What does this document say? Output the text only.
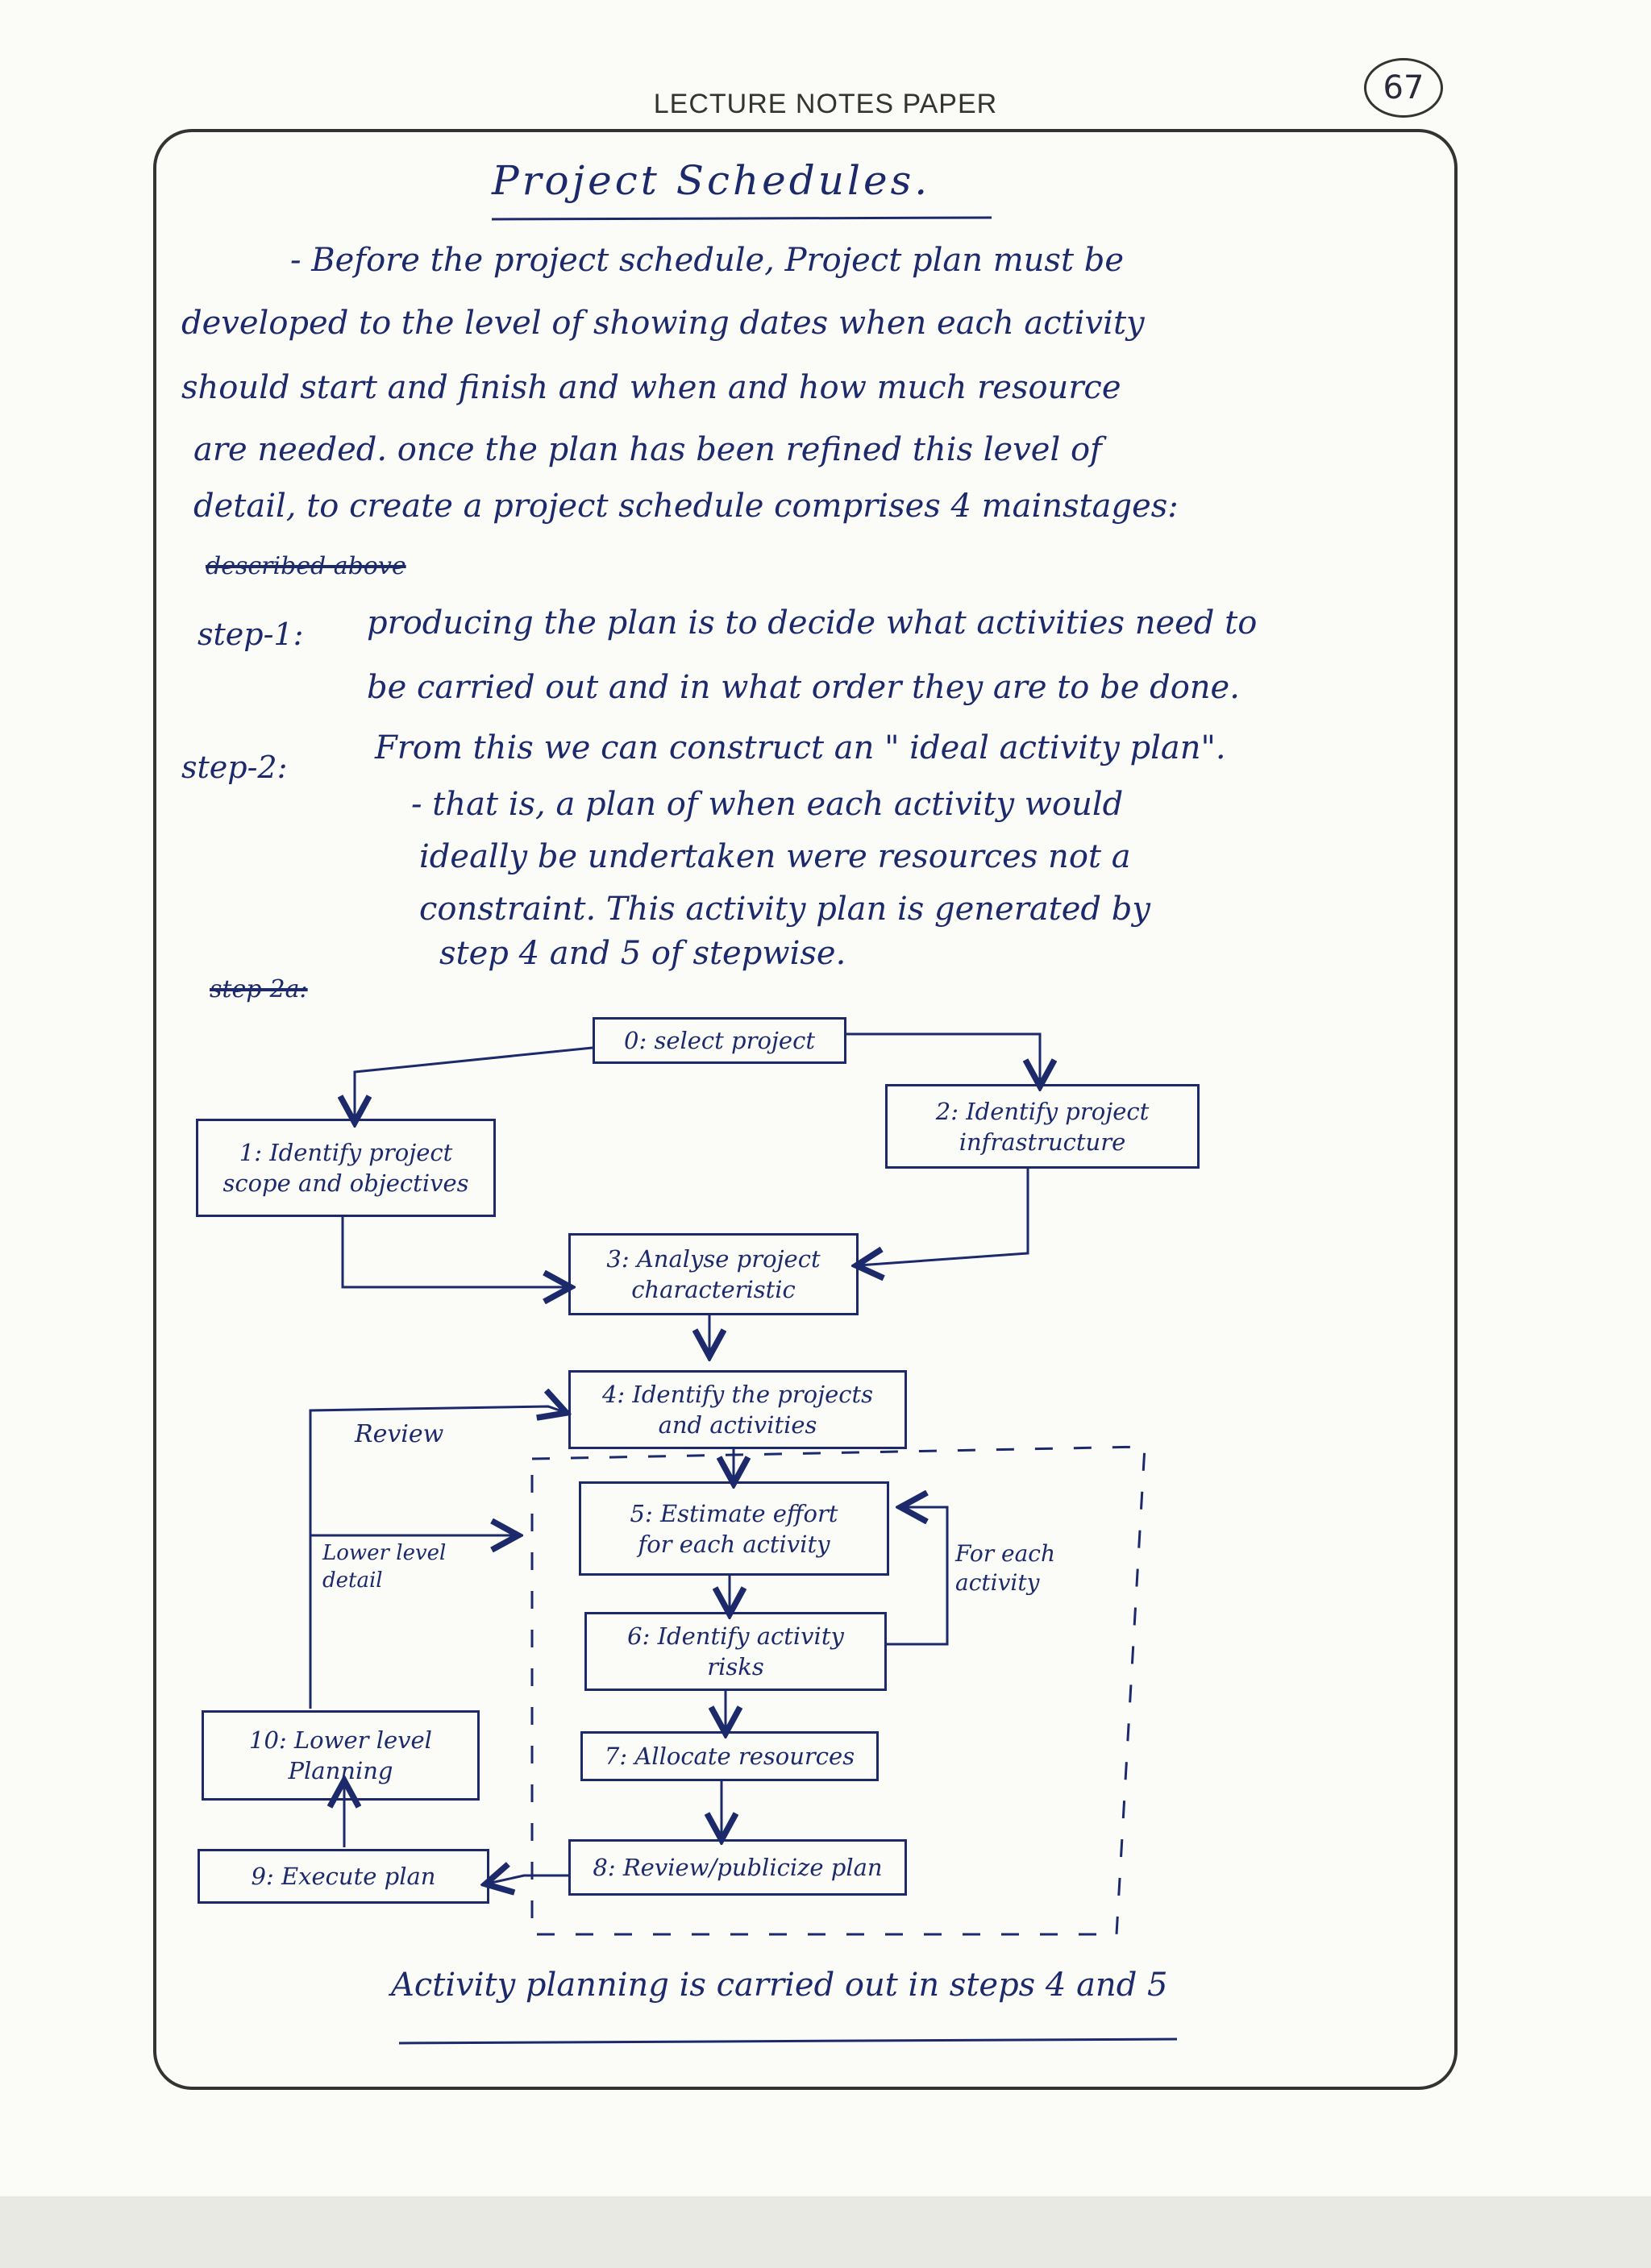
LECTURE NOTES PAPER	67
Project Schedules.
- Before the project schedule, Project plan must be
developed to the level of showing dates when each activity
should start and finish and when and how much resource
are needed. once the plan has been refined this level of
detail, to create a project schedule comprises 4 mainstages:
described above
step-1: producing the plan is to decide what activities need to
be carried out and in what order they are to be done.
step-2:
From this we can construct an " ideal activity plan".
- that is, a plan of when each activity would
ideally be undertaken were resources not a
constraint. This activity plan is generated by
step 4 and 5 of stepwise.
step-2a:
0: select project
1: Identify project
scope and objectives
2: Identify project
infrastructure
3: Analyse project
characteristic
4: Identify the projects
and activities
5: Estimate effort
for each activity
6: Identify activity
risks
7: Allocate resources
8: Review/publicize plan
9: Execute plan
10: Lower level
Planning
Review
Lower level
detail
For each
activity
Activity planning is carried out in steps 4 and 5
